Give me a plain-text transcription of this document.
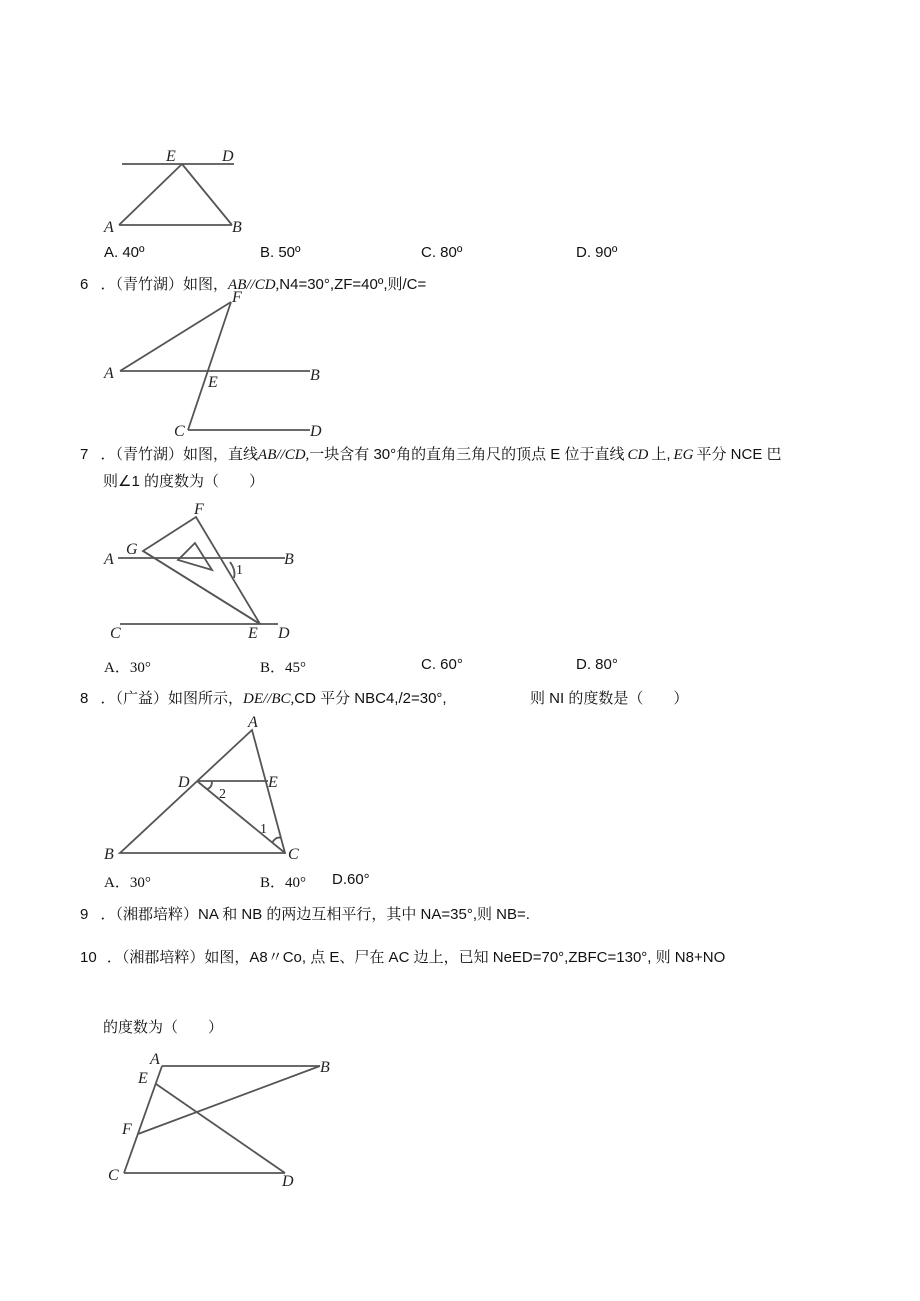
E	D
A	B
A. 40º	B. 50º	C. 80º	D. 90º
6 ．（青竹湖）如图，AB//CD,N4=30°,ZF=40º,则/C=
F
A
E	B
C	D
7 ．（青竹湖）如图，直线AB//CD,一块含有 30°角的直角三角尺的顶点 E 位于直线 CD 上, EG 平分 NCE 巴
则∠1 的度数为（　　）
F
A
G
B
1
C	E D
A．30°	B．45°	C. 60°	D. 80°
8 ．（广益）如图所示，DE//BC,CD 平分 NBC4,/2=30°,	则 NI 的度数是（　　）
A
D	E
2
1
B	C
A．30°	B．40° D.60°
9 ．（湘郡培粹）NA 和 NB 的两边互相平行，其中 NA=35°,则 NB=.
10 ．（湘郡培粹）如图，A8〃Co, 点 E、尸在 AC 边上，已知 NeED=70°,ZBFC=130°, 则 N8+NO
的度数为（　　）
A
E
B
F
C	D
